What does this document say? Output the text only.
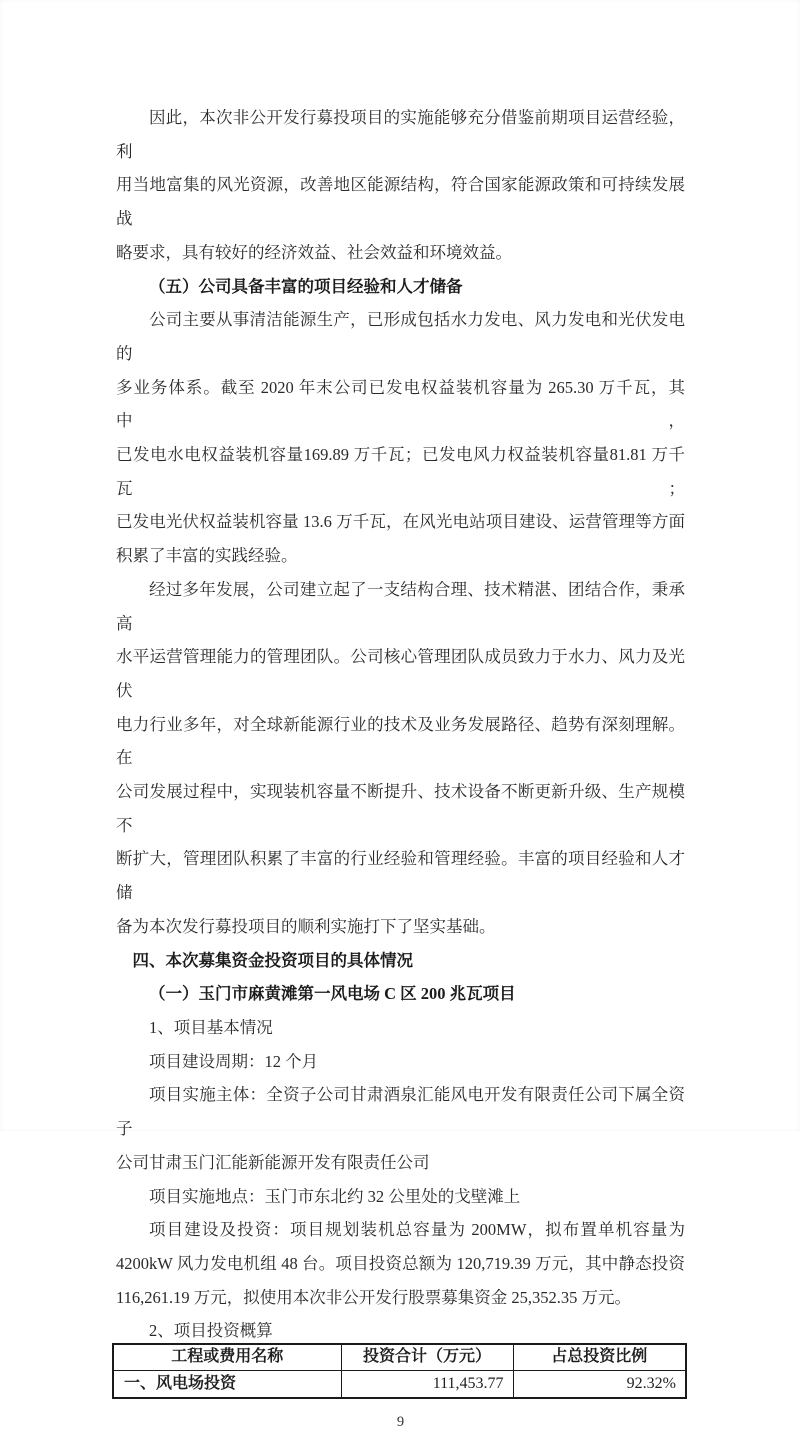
因此，本次非公开发行募投项目的实施能够充分借鉴前期项目运营经验，利
用当地富集的风光资源，改善地区能源结构，符合国家能源政策和可持续发展战
略要求，具有较好的经济效益、社会效益和环境效益。
（五）公司具备丰富的项目经验和人才储备
公司主要从事清洁能源生产，已形成包括水力发电、风力发电和光伏发电的
多业务体系。截至 2020 年末公司已发电权益装机容量为 265.30 万千瓦，其中，
已发电水电权益装机容量169.89 万千瓦；已发电风力权益装机容量81.81 万千瓦；
已发电光伏权益装机容量 13.6 万千瓦，在风光电站项目建设、运营管理等方面
积累了丰富的实践经验。
经过多年发展，公司建立起了一支结构合理、技术精湛、团结合作，秉承高
水平运营管理能力的管理团队。公司核心管理团队成员致力于水力、风力及光伏
电力行业多年，对全球新能源行业的技术及业务发展路径、趋势有深刻理解。在
公司发展过程中，实现装机容量不断提升、技术设备不断更新升级、生产规模不
断扩大，管理团队积累了丰富的行业经验和管理经验。丰富的项目经验和人才储
备为本次发行募投项目的顺利实施打下了坚实基础。
四、本次募集资金投资项目的具体情况
（一）玉门市麻黄滩第一风电场 C 区 200 兆瓦项目
1、项目基本情况
项目建设周期：12 个月
项目实施主体：全资子公司甘肃酒泉汇能风电开发有限责任公司下属全资子
公司甘肃玉门汇能新能源开发有限责任公司
项目实施地点：玉门市东北约 32 公里处的戈壁滩上
项目建设及投资：项目规划装机总容量为 200MW，拟布置单机容量为
4200kW 风力发电机组 48 台。项目投资总额为 120,719.39 万元，其中静态投资
116,261.19 万元，拟使用本次非公开发行股票募集资金 25,352.35 万元。
2、项目投资概算
工程或费用名称	投资合计（万元）	占总投资比例
一、风电场投资	111,453.77	92.32%
9
